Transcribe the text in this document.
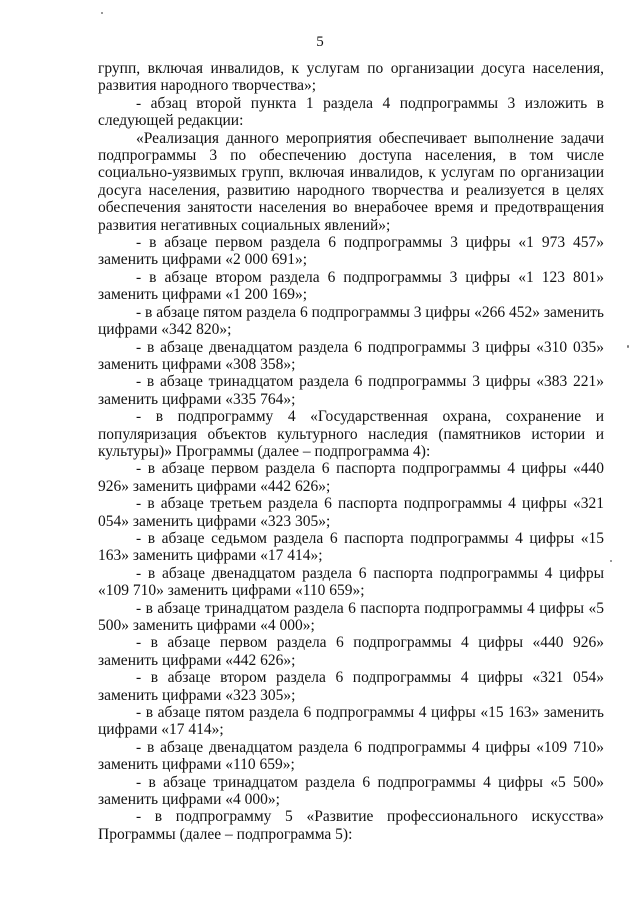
5

групп, включая инвалидов, к услугам по организации досуга населения, развития народного творчества»;

- абзац второй пункта 1 раздела 4 подпрограммы 3 изложить в следующей редакции:

«Реализация данного мероприятия обеспечивает выполнение задачи подпрограммы 3 по обеспечению доступа населения, в том числе социально-уязвимых групп, включая инвалидов, к услугам по организации досуга населения, развитию народного творчества и реализуется в целях обеспечения занятости населения во внерабочее время и предотвращения развития негативных социальных явлений»;

- в абзаце первом раздела 6 подпрограммы 3 цифры «1 973 457» заменить цифрами «2 000 691»;

- в абзаце втором раздела 6 подпрограммы 3 цифры «1 123 801» заменить цифрами «1 200 169»;

- в абзаце пятом раздела 6 подпрограммы 3 цифры «266 452» заменить цифрами «342 820»;

- в абзаце двенадцатом раздела 6 подпрограммы 3 цифры «310 035» заменить цифрами «308 358»;

- в абзаце тринадцатом раздела 6 подпрограммы 3 цифры «383 221» заменить цифрами «335 764»;

- в подпрограмму 4 «Государственная охрана, сохранение и популяризация объектов культурного наследия (памятников истории и культуры)» Программы (далее – подпрограмма 4):

- в абзаце первом раздела 6 паспорта подпрограммы 4 цифры «440 926» заменить цифрами «442 626»;

- в абзаце третьем раздела 6 паспорта подпрограммы 4 цифры «321 054» заменить цифрами «323 305»;

- в абзаце седьмом раздела 6 паспорта подпрограммы 4 цифры «15 163» заменить цифрами «17 414»;

- в абзаце двенадцатом раздела 6 паспорта подпрограммы 4 цифры «109 710» заменить цифрами «110 659»;

- в абзаце тринадцатом раздела 6 паспорта подпрограммы 4 цифры «5 500» заменить цифрами «4 000»;

- в абзаце первом раздела 6 подпрограммы 4 цифры «440 926» заменить цифрами «442 626»;

- в абзаце втором раздела 6 подпрограммы 4 цифры «321 054» заменить цифрами «323 305»;

- в абзаце пятом раздела 6 подпрограммы 4 цифры «15 163» заменить цифрами «17 414»;

- в абзаце двенадцатом раздела 6 подпрограммы 4 цифры «109 710» заменить цифрами «110 659»;

- в абзаце тринадцатом раздела 6 подпрограммы 4 цифры «5 500» заменить цифрами «4 000»;

- в подпрограмму 5 «Развитие профессионального искусства» Программы (далее – подпрограмма 5):
